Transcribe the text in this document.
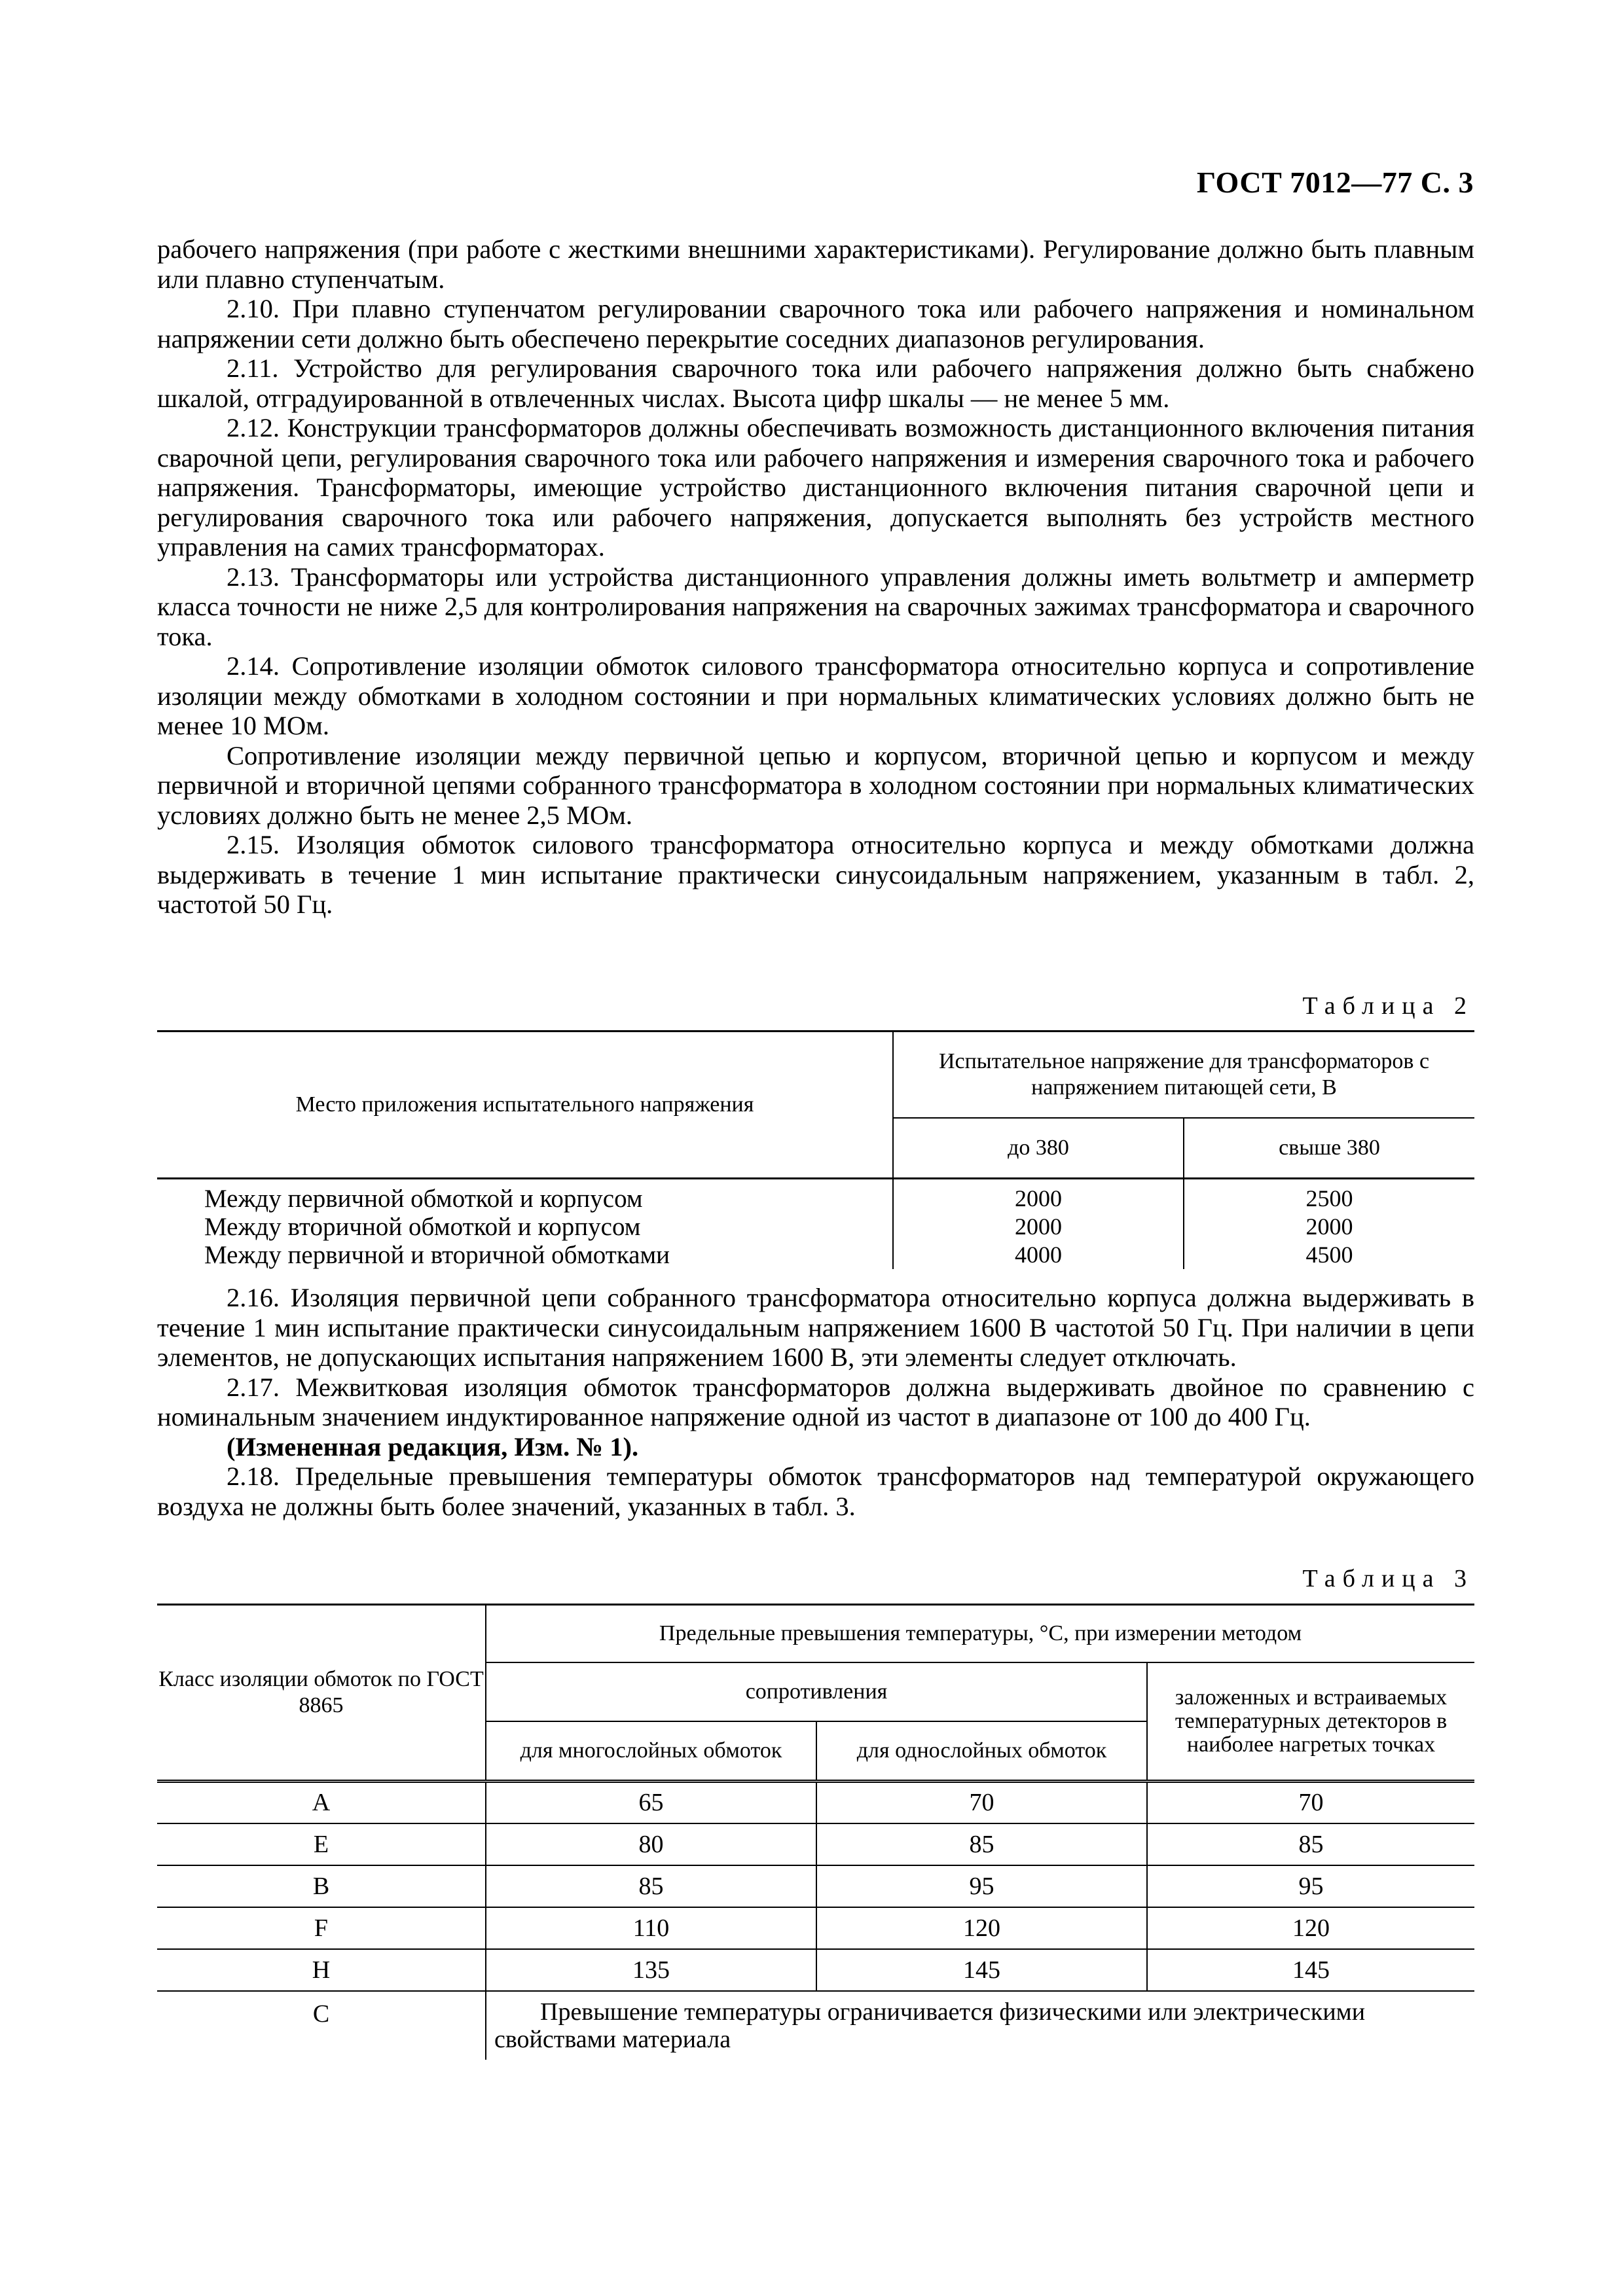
ГОСТ 7012—77 С. 3

рабочего напряжения (при работе с жесткими внешними характеристиками). Регулирование должно быть плавным или плавно ступенчатым.

2.10. При плавно ступенчатом регулировании сварочного тока или рабочего напряжения и номинальном напряжении сети должно быть обеспечено перекрытие соседних диапазонов регулирования.

2.11. Устройство для регулирования сварочного тока или рабочего напряжения должно быть снабжено шкалой, отградуированной в отвлеченных числах. Высота цифр шкалы — не менее 5 мм.

2.12. Конструкции трансформаторов должны обеспечивать возможность дистанционного включения питания сварочной цепи, регулирования сварочного тока или рабочего напряжения и измерения сварочного тока и рабочего напряжения. Трансформаторы, имеющие устройство дистанционного включения питания сварочной цепи и регулирования сварочного тока или рабочего напряжения, допускается выполнять без устройств местного управления на самих трансформаторах.

2.13. Трансформаторы или устройства дистанционного управления должны иметь вольтметр и амперметр класса точности не ниже 2,5 для контролирования напряжения на сварочных зажимах трансформатора и сварочного тока.

2.14. Сопротивление изоляции обмоток силового трансформатора относительно корпуса и сопротивление изоляции между обмотками в холодном состоянии и при нормальных климатических условиях должно быть не менее 10 МОм.

Сопротивление изоляции между первичной цепью и корпусом, вторичной цепью и корпусом и между первичной и вторичной цепями собранного трансформатора в холодном состоянии при нормальных климатических условиях должно быть не менее 2,5 МОм.

2.15. Изоляция обмоток силового трансформатора относительно корпуса и между обмотками должна выдерживать в течение 1 мин испытание практически синусоидальным напряжением, указанным в табл. 2, частотой 50 Гц.

Таблица 2
Место приложения испытательного напряжения	Испытательное напряжение для трансформаторов с напряжением питающей сети, В	
	до 380	свыше 380

Между первичной обмоткой и корпусом	2000	2500
Между вторичной обмоткой и корпусом	2000	2000
Между первичной и вторичной обмотками	4000	4500

2.16. Изоляция первичной цепи собранного трансформатора относительно корпуса должна выдерживать в течение 1 мин испытание практически синусоидальным напряжением 1600 В частотой 50 Гц. При наличии в цепи элементов, не допускающих испытания напряжением 1600 В, эти элементы следует отключать.

2.17. Межвитковая изоляция обмоток трансформаторов должна выдерживать двойное по сравнению с номинальным значением индуктированное напряжение одной из частот в диапазоне от 100 до 400 Гц.

(Измененная редакция, Изм. № 1).

2.18. Предельные превышения температуры обмоток трансформаторов над температурой окружающего воздуха не должны быть более значений, указанных в табл. 3.

Таблица 3
Класс изоляции обмоток по ГОСТ 8865	Предельные превышения температуры, °С, при измерении методом		
	сопротивления		заложенных и встраиваемых температурных детекторов в наиболее нагретых точках
	для многослойных обмоток	для однослойных обмоток	
A	65	70	70
E	80	85	85
B	85	95	95
F	110	120	120
H	135	145	145
C	Превышение температуры ограничивается физическими или электрическими свойствами материала		
